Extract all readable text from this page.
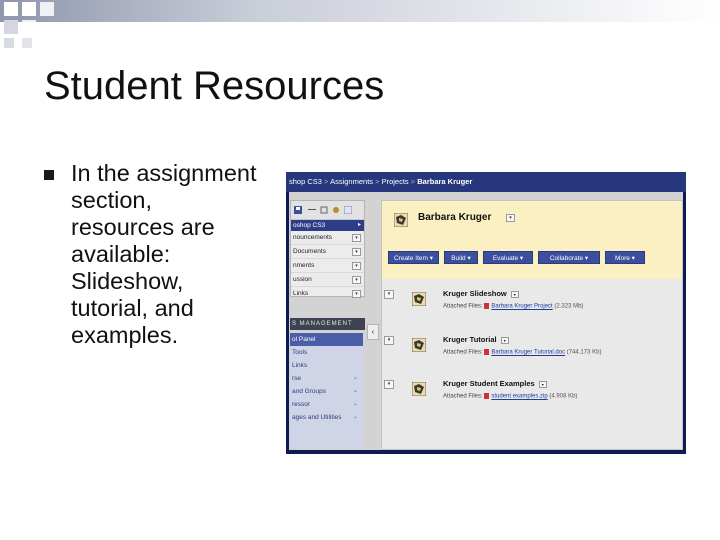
Student Resources
In the assignment section, resources are available: Slideshow, tutorial, and examples.
shop CS3 > Assignments > Projects > Barbara Kruger
oshop CS3	▸
nouncements	▾
Documents	▾
nments	▾
ussion	▾
Links	▾
S MANAGEMENT
ol Panel
Tools
Links
rse	⌄
and Groups	⌄
ressor	⌄
ages and Utilities ⌄
‹
Barbara Kruger	▾
Create Item ▾	Build ▾	Evaluate ▾	Collaborate ▾	More ▾
▾	Kruger Slideshow ▾
Attached Files: Barbara Kruger Project (2.323 Mb)
▾	Kruger Tutorial ▾
Attached Files: Barbara Kruger Tutorial.doc (744.173 Kb)
▾	Kruger Student Examples ▾
Attached Files: student examples.zip (4.908 Kb)
